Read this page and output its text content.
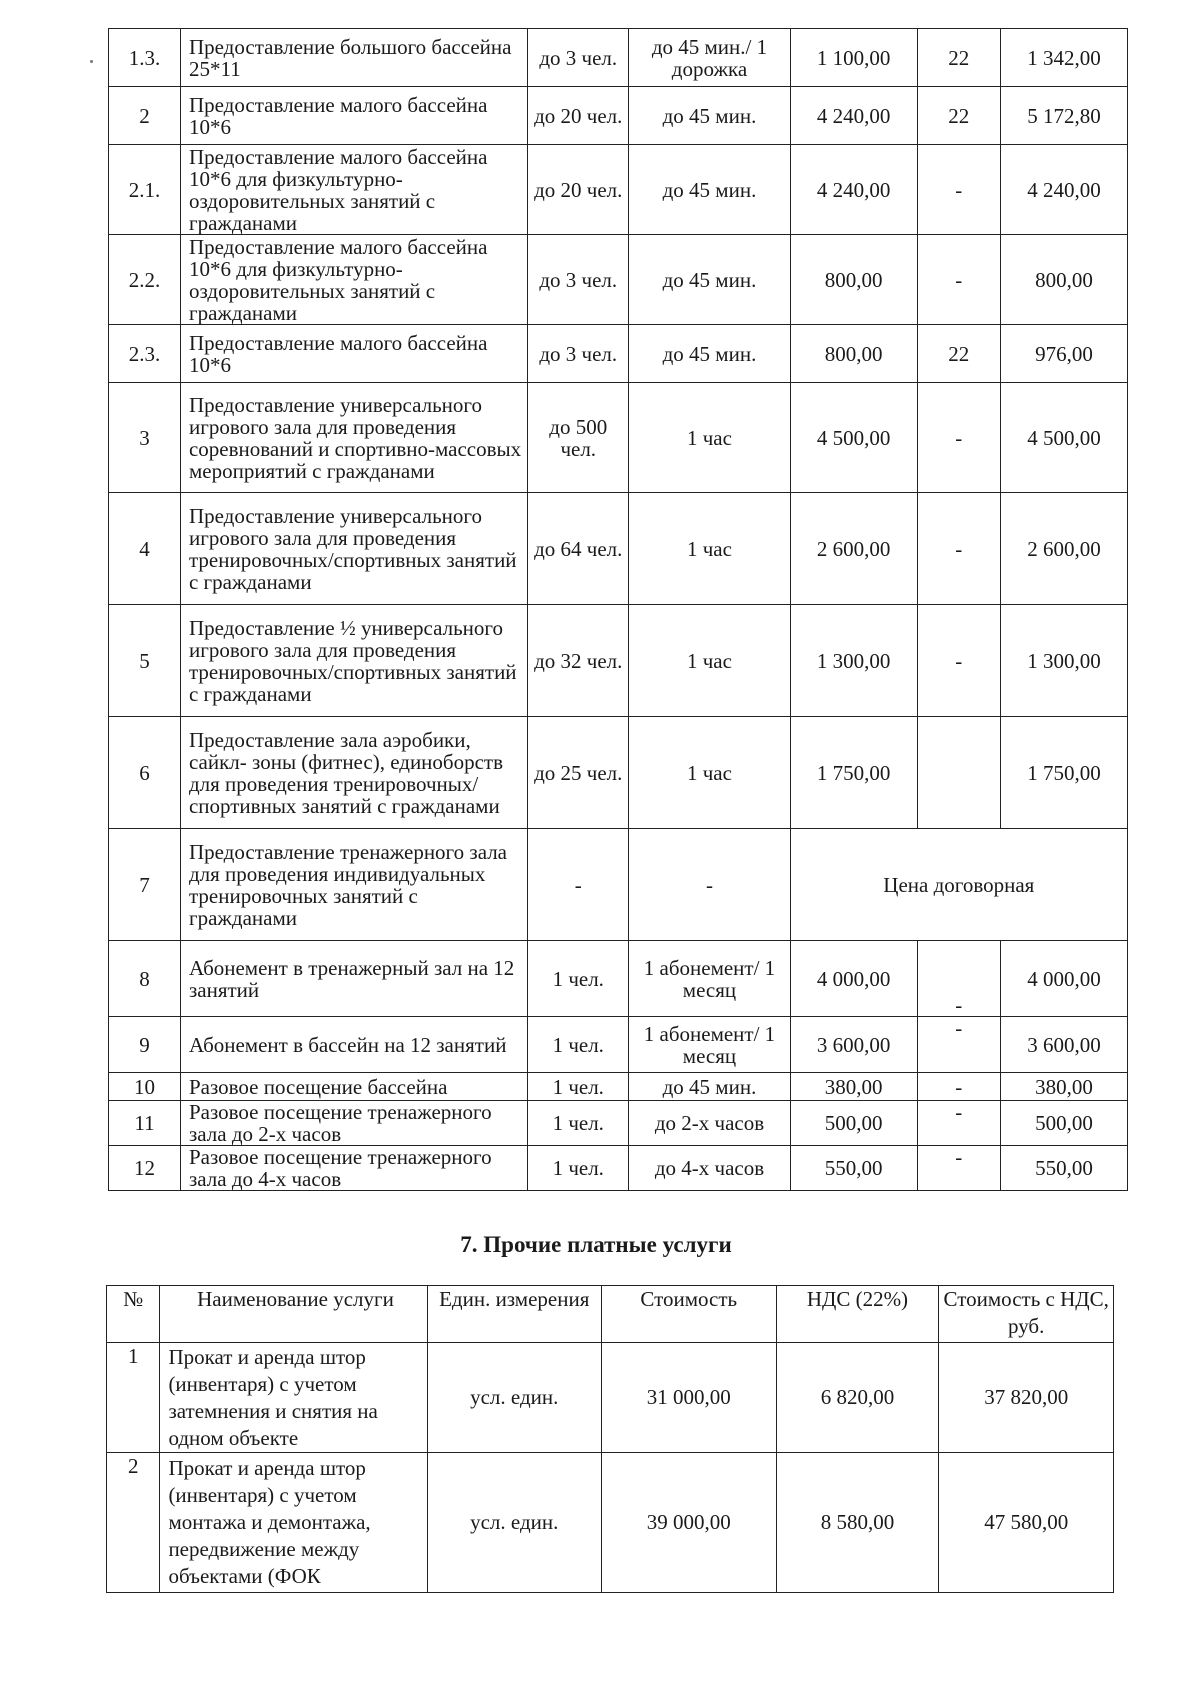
1.3.	Предоставление большого бассейна 25*11	до 3 чел.	до 45 мин./ 1 дорожка	1 100,00	22	1 342,00
2	Предоставление малого бассейна 10*6	до 20 чел.	до 45 мин.	4 240,00	22	5 172,80
2.1.	Предоставление малого бассейна 10*6 для физкультурно-оздоровительных занятий с гражданами	до 20 чел.	до 45 мин.	4 240,00	-	4 240,00
2.2.	Предоставление малого бассейна 10*6 для физкультурно-оздоровительных занятий с гражданами	до 3 чел.	до 45 мин.	800,00	-	800,00
2.3.	Предоставление малого бассейна 10*6	до 3 чел.	до 45 мин.	800,00	22	976,00
3	Предоставление универсального игрового зала для проведения соревнований и спортивно-массовых мероприятий с гражданами	до 500 чел.	1 час	4 500,00	-	4 500,00
4	Предоставление универсального игрового зала для проведения тренировочных/спортивных занятий с гражданами	до 64 чел.	1 час	2 600,00	-	2 600,00
5	Предоставление ½ универсального игрового зала для проведения тренировочных/спортивных занятий с гражданами	до 32 чел.	1 час	1 300,00	-	1 300,00
6	Предоставление зала аэробики, сайкл- зоны (фитнес), единоборств для проведения тренировочных/спортивных занятий с гражданами	до 25 чел.	1 час	1 750,00		1 750,00
7	Предоставление тренажерного зала для проведения индивидуальных тренировочных занятий с гражданами	-	-	Цена договорная		
8	Абонемент в тренажерный зал на 12 занятий	1 чел.	1 абонемент/ 1 месяц	4 000,00	-	4 000,00
9	Абонемент в бассейн на 12 занятий	1 чел.	1 абонемент/ 1 месяц	3 600,00	-	3 600,00
10	Разовое посещение бассейна	1 чел.	до 45 мин.	380,00	-	380,00
11	Разовое посещение тренажерного зала до 2-х часов	1 чел.	до 2-х часов	500,00	-	500,00
12	Разовое посещение тренажерного зала до 4-х часов	1 чел.	до 4-х часов	550,00	-	550,00
7. Прочие платные услуги
№	Наименование услуги	Един. измерения	Стоимость	НДС (22%)	Стоимость с НДС, руб.
1	Прокат и аренда штор (инвентаря) с учетом затемнения и снятия на одном объекте	усл. един.	31 000,00	6 820,00	37 820,00
2	Прокат и аренда штор (инвентаря) с учетом монтажа и демонтажа, передвижение между объектами (ФОК	усл. един.	39 000,00	8 580,00	47 580,00
